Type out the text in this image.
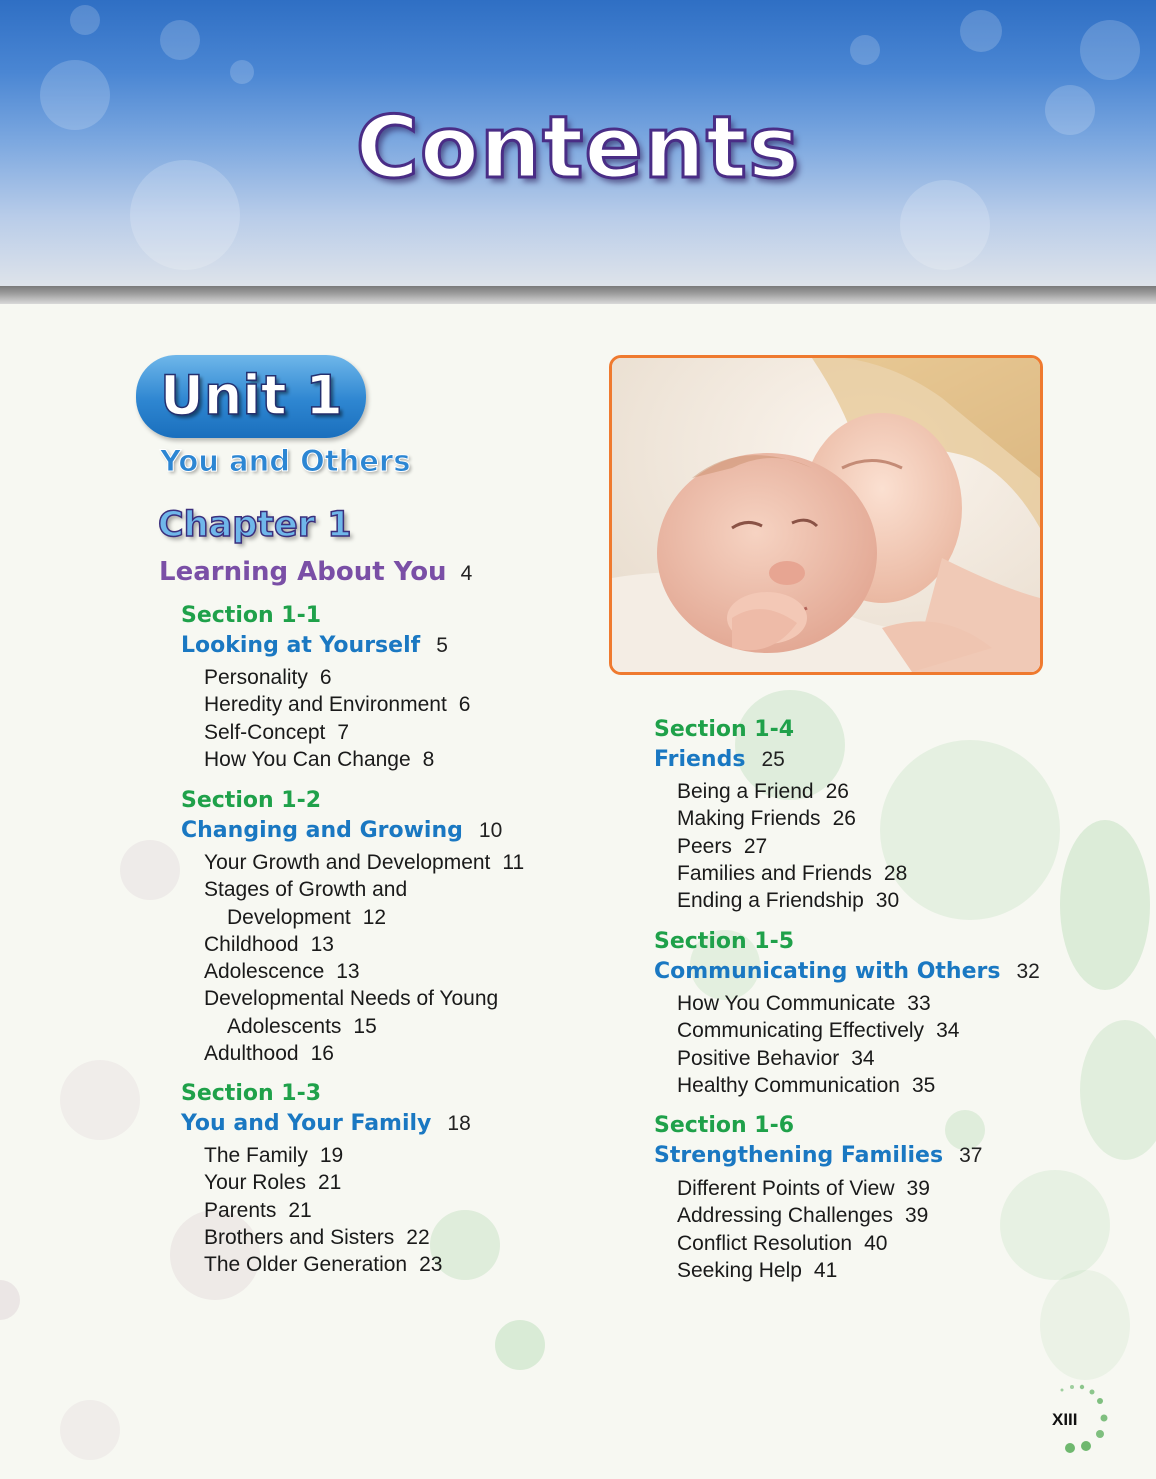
Contents
Unit 1
You and Others
Chapter 1
Learning About You 4
Section 1-1
Looking at Yourself 5
Personality 6
Heredity and Environment 6
Self-Concept 7
How You Can Change 8
Section 1-2
Changing and Growing 10
Your Growth and Development 11
Stages of Growth and
Development 12
Childhood 13
Adolescence 13
Developmental Needs of Young
Adolescents 15
Adulthood 16
Section 1-3
You and Your Family 18
The Family 19
Your Roles 21
Parents 21
Brothers and Sisters 22
The Older Generation 23
Section 1-4
Friends 25
Being a Friend 26
Making Friends 26
Peers 27
Families and Friends 28
Ending a Friendship 30
Section 1-5
Communicating with Others 32
How You Communicate 33
Communicating Effectively 34
Positive Behavior 34
Healthy Communication 35
Section 1-6
Strengthening Families 37
Different Points of View 39
Addressing Challenges 39
Conflict Resolution 40
Seeking Help 41
XIII
